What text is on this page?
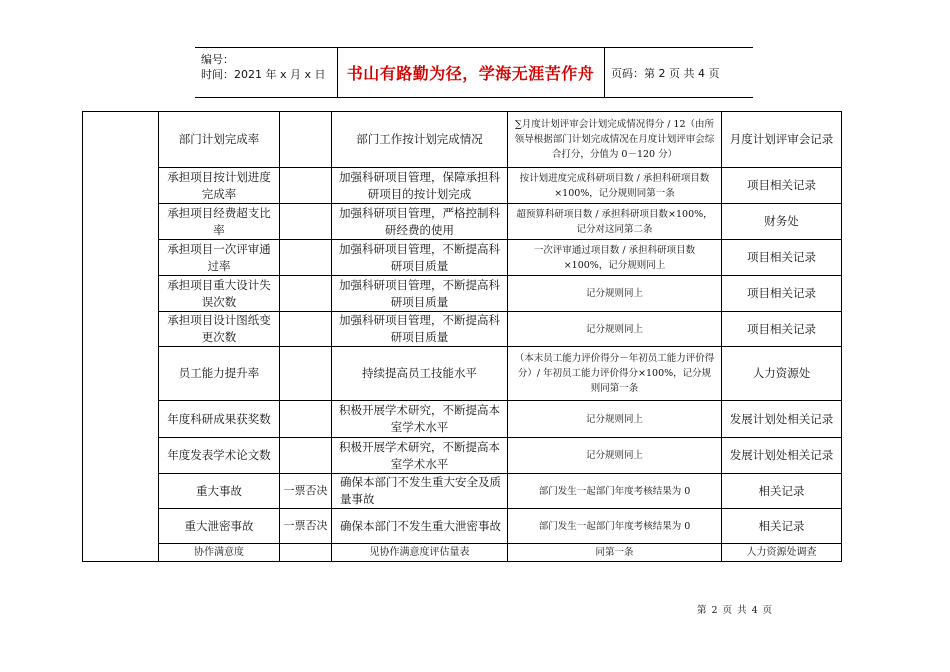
编号：
时间：2021 年 x 月 x 日	书山有路勤为径，学海无涯苦作舟	页码：第 2 页 共 4 页
	部门计划完成率		部门工作按计划完成情况	∑月度计划评审会计划完成情况得分 / 12（由所领导根据部门计划完成情况在月度计划评审会综合打分，分值为 0－120 分）	月度计划评审会记录
	承担项目按计划进度完成率		加强科研项目管理，保障承担科研项目的按计划完成	按计划进度完成科研项目数 / 承担科研项目数×100%，记分规则同第一条	项目相关记录
	承担项目经费超支比率		加强科研项目管理，严格控制科研经费的使用	超预算科研项目数 / 承担科研项目数×100%，记分对这同第二条	财务处
	承担项目一次评审通过率		加强科研项目管理，不断提高科研项目质量	一次评审通过项目数 / 承担科研项目数×100%，记分规则同上	项目相关记录
	承担项目重大设计失误次数		加强科研项目管理，不断提高科研项目质量	记分规则同上	项目相关记录
	承担项目设计图纸变更次数		加强科研项目管理，不断提高科研项目质量	记分规则同上	项目相关记录
	员工能力提升率		持续提高员工技能水平	（本末员工能力评价得分－年初员工能力评价得分）/ 年初员工能力评价得分×100%，记分规则同第一条	人力资源处
	年度科研成果获奖数		积极开展学术研究，不断提高本室学术水平	记分规则同上	发展计划处相关记录
	年度发表学术论文数		积极开展学术研究，不断提高本室学术水平	记分规则同上	发展计划处相关记录
	重大事故	一票否决	确保本部门不发生重大安全及质量事故	部门发生一起部门年度考核结果为 0	相关记录
	重大泄密事故	一票否决	确保本部门不发生重大泄密事故	部门发生一起部门年度考核结果为 0	相关记录
	协作满意度		见协作满意度评估量表	同第一条	人力资源处调查
第 2 页 共 4 页
